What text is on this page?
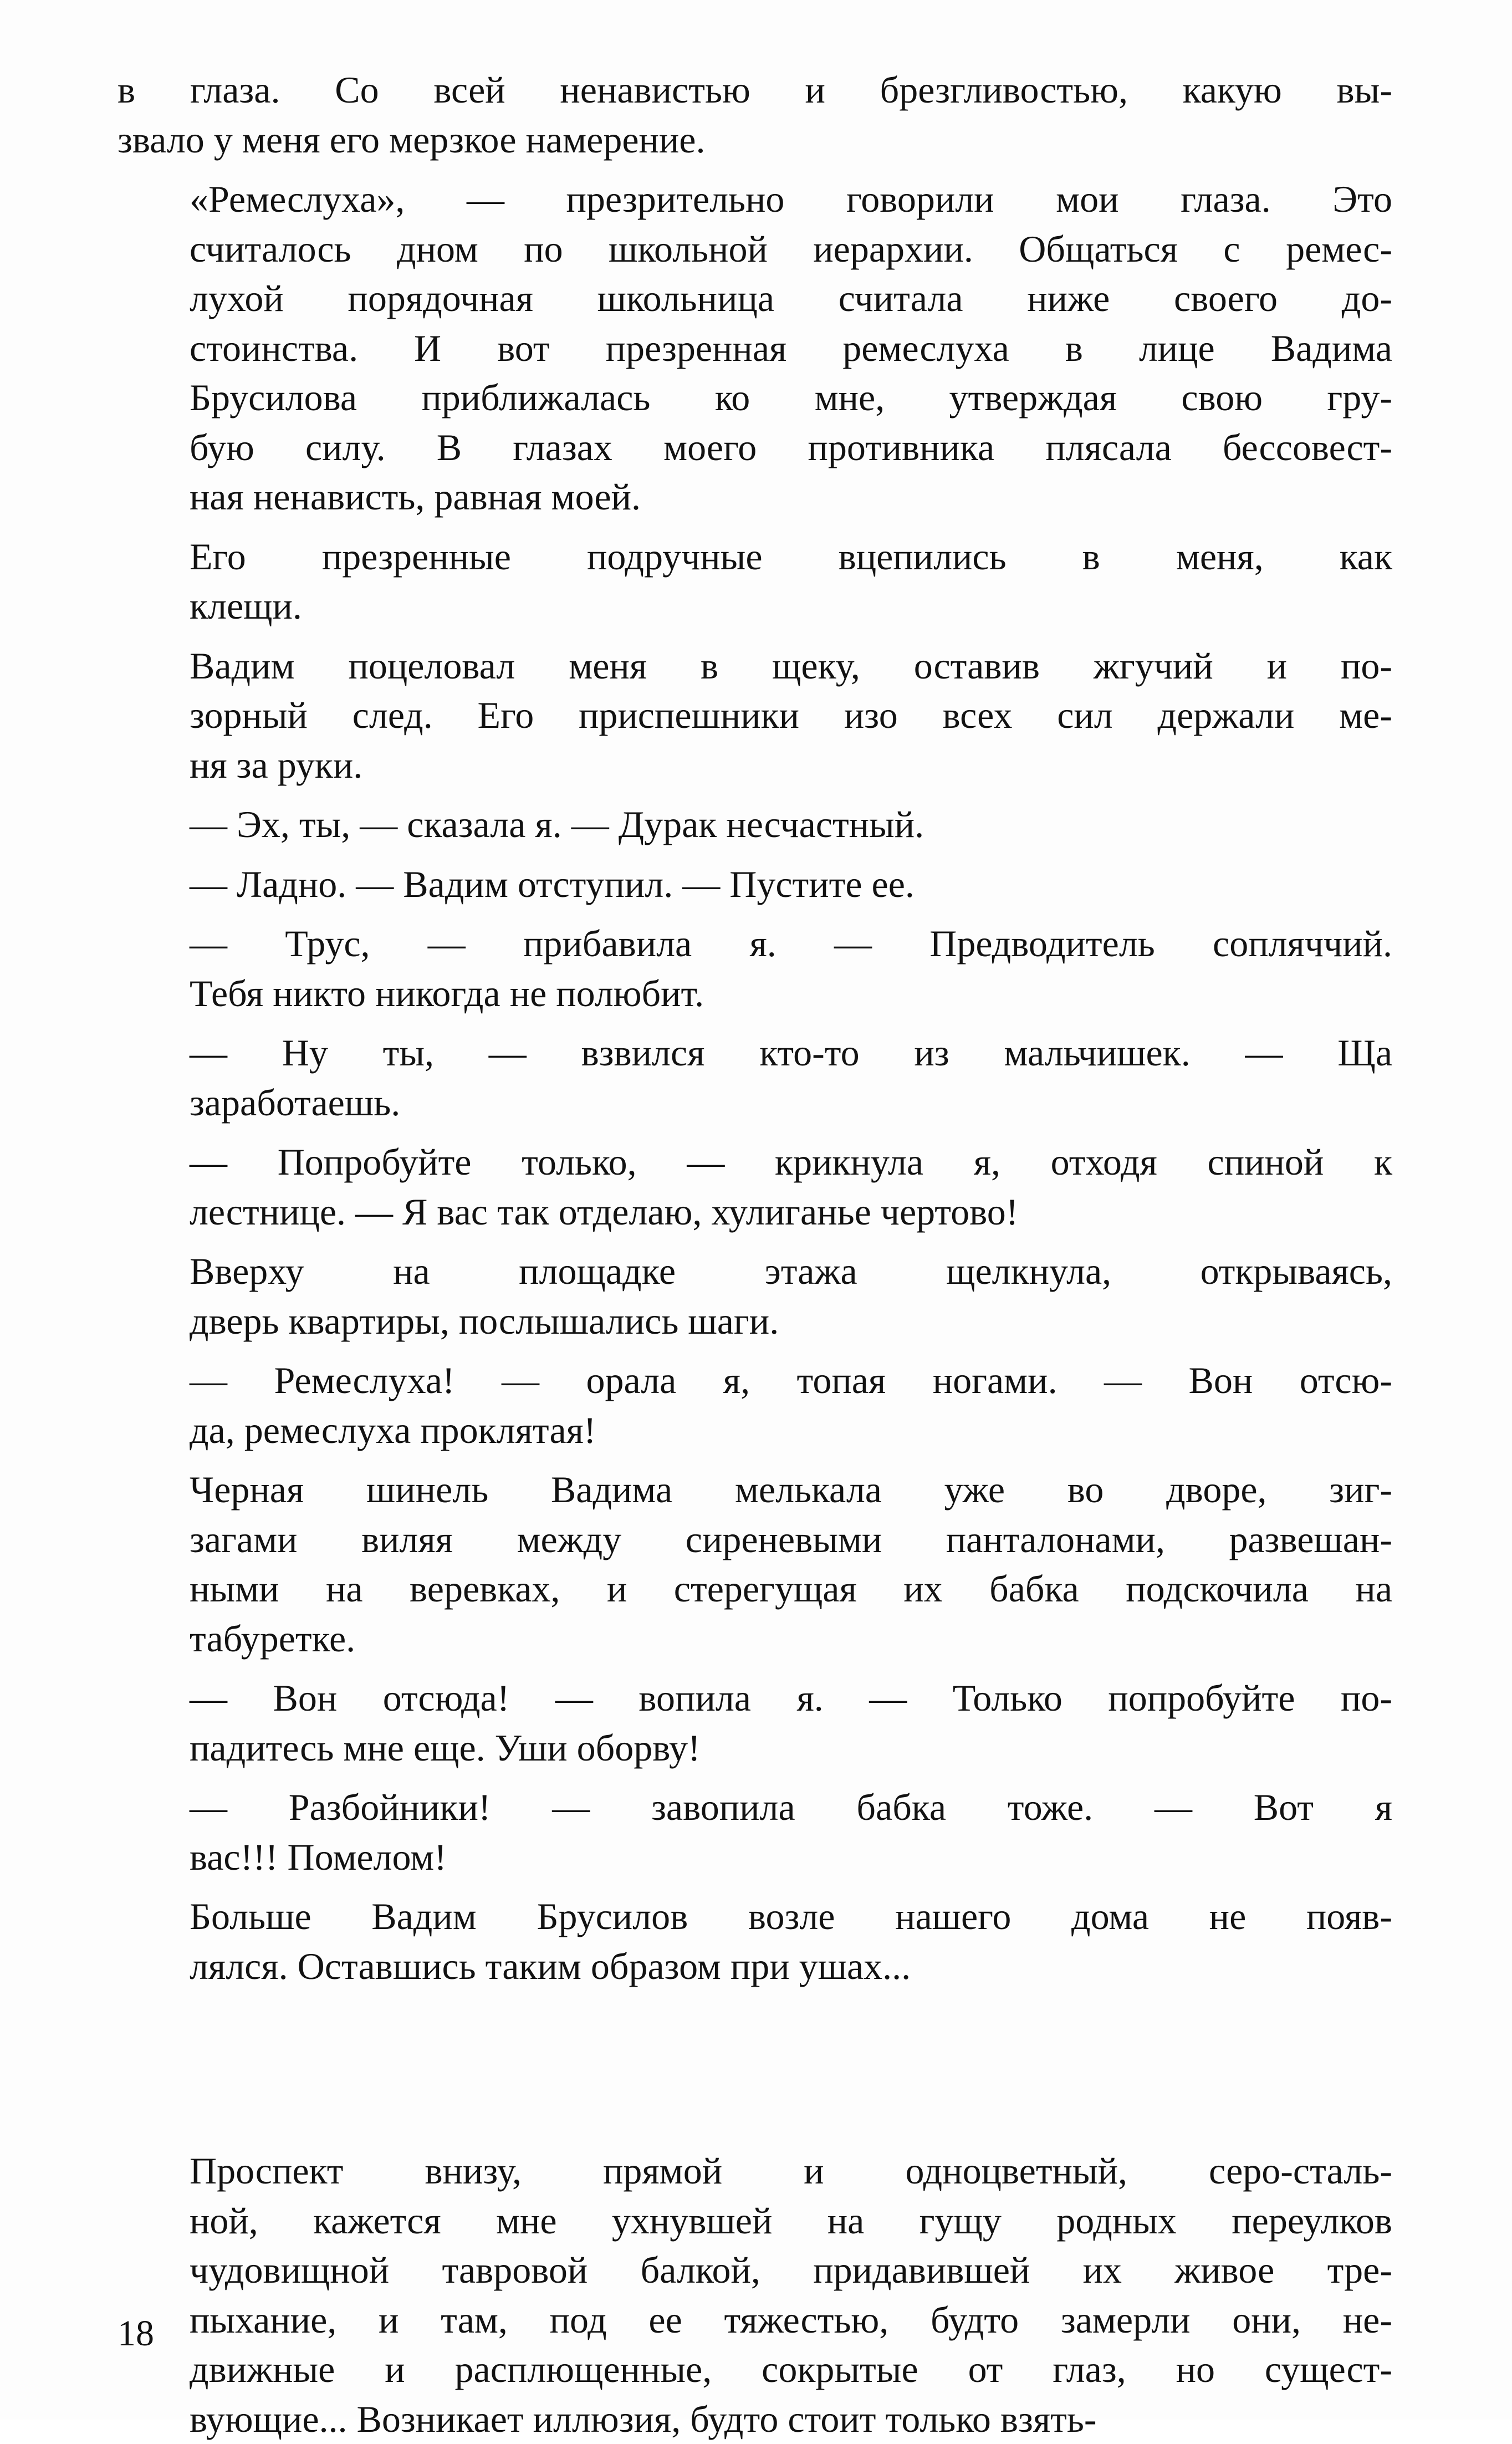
в глаза. Со всей ненавистью и брезгливостью, какую вы-
звало у меня его мерзкое намерение.

«Ремеслуха», — презрительно говорили мои глаза. Это
считалось дном по школьной иерархии. Общаться с ремес-
лухой порядочная школьница считала ниже своего до-
стоинства. И вот презренная ремеслуха в лице Вадима
Брусилова приближалась ко мне, утверждая свою гру-
бую силу. В глазах моего противника плясала бессовест-
ная ненависть, равная моей.

Его презренные подручные вцепились в меня, как
клещи.

Вадим поцеловал меня в щеку, оставив жгучий и по-
зорный след. Его приспешники изо всех сил держали ме-
ня за руки.

— Эх, ты, — сказала я. — Дурак несчастный.

— Ладно. — Вадим отступил. — Пустите ее.

— Трус, — прибавила я. — Предводитель сопляччий.
Тебя никто никогда не полюбит.

— Ну ты, — взвился кто-то из мальчишек. — Ща
заработаешь.

— Попробуйте только, — крикнула я, отходя спиной к
лестнице. — Я вас так отделаю, хулиганье чертово!

Вверху на площадке этажа щелкнула, открываясь,
дверь квартиры, послышались шаги.

— Ремеслуха! — орала я, топая ногами. — Вон отсю-
да, ремеслуха проклятая!

Черная шинель Вадима мелькала уже во дворе, зиг-
загами виляя между сиреневыми панталонами, развешан-
ными на веревках, и стерегущая их бабка подскочила на
табуретке.

— Вон отсюда! — вопила я. — Только попробуйте по-
падитесь мне еще. Уши оборву!

— Разбойники! — завопила бабка тоже. — Вот я
вас!!! Помелом!

Больше Вадим Брусилов возле нашего дома не появ-
лялся. Оставшись таким образом при ушах...

Проспект внизу, прямой и одноцветный, серо-сталь-
ной, кажется мне ухнувшей на гущу родных переулков
чудовищной тавровой балкой, придавившей их живое тре-
пыхание, и там, под ее тяжестью, будто замерли они, не-
движные и расплющенные, сокрытые от глаз, но сущест-
вующие... Возникает иллюзия, будто стоит только взять-

18
